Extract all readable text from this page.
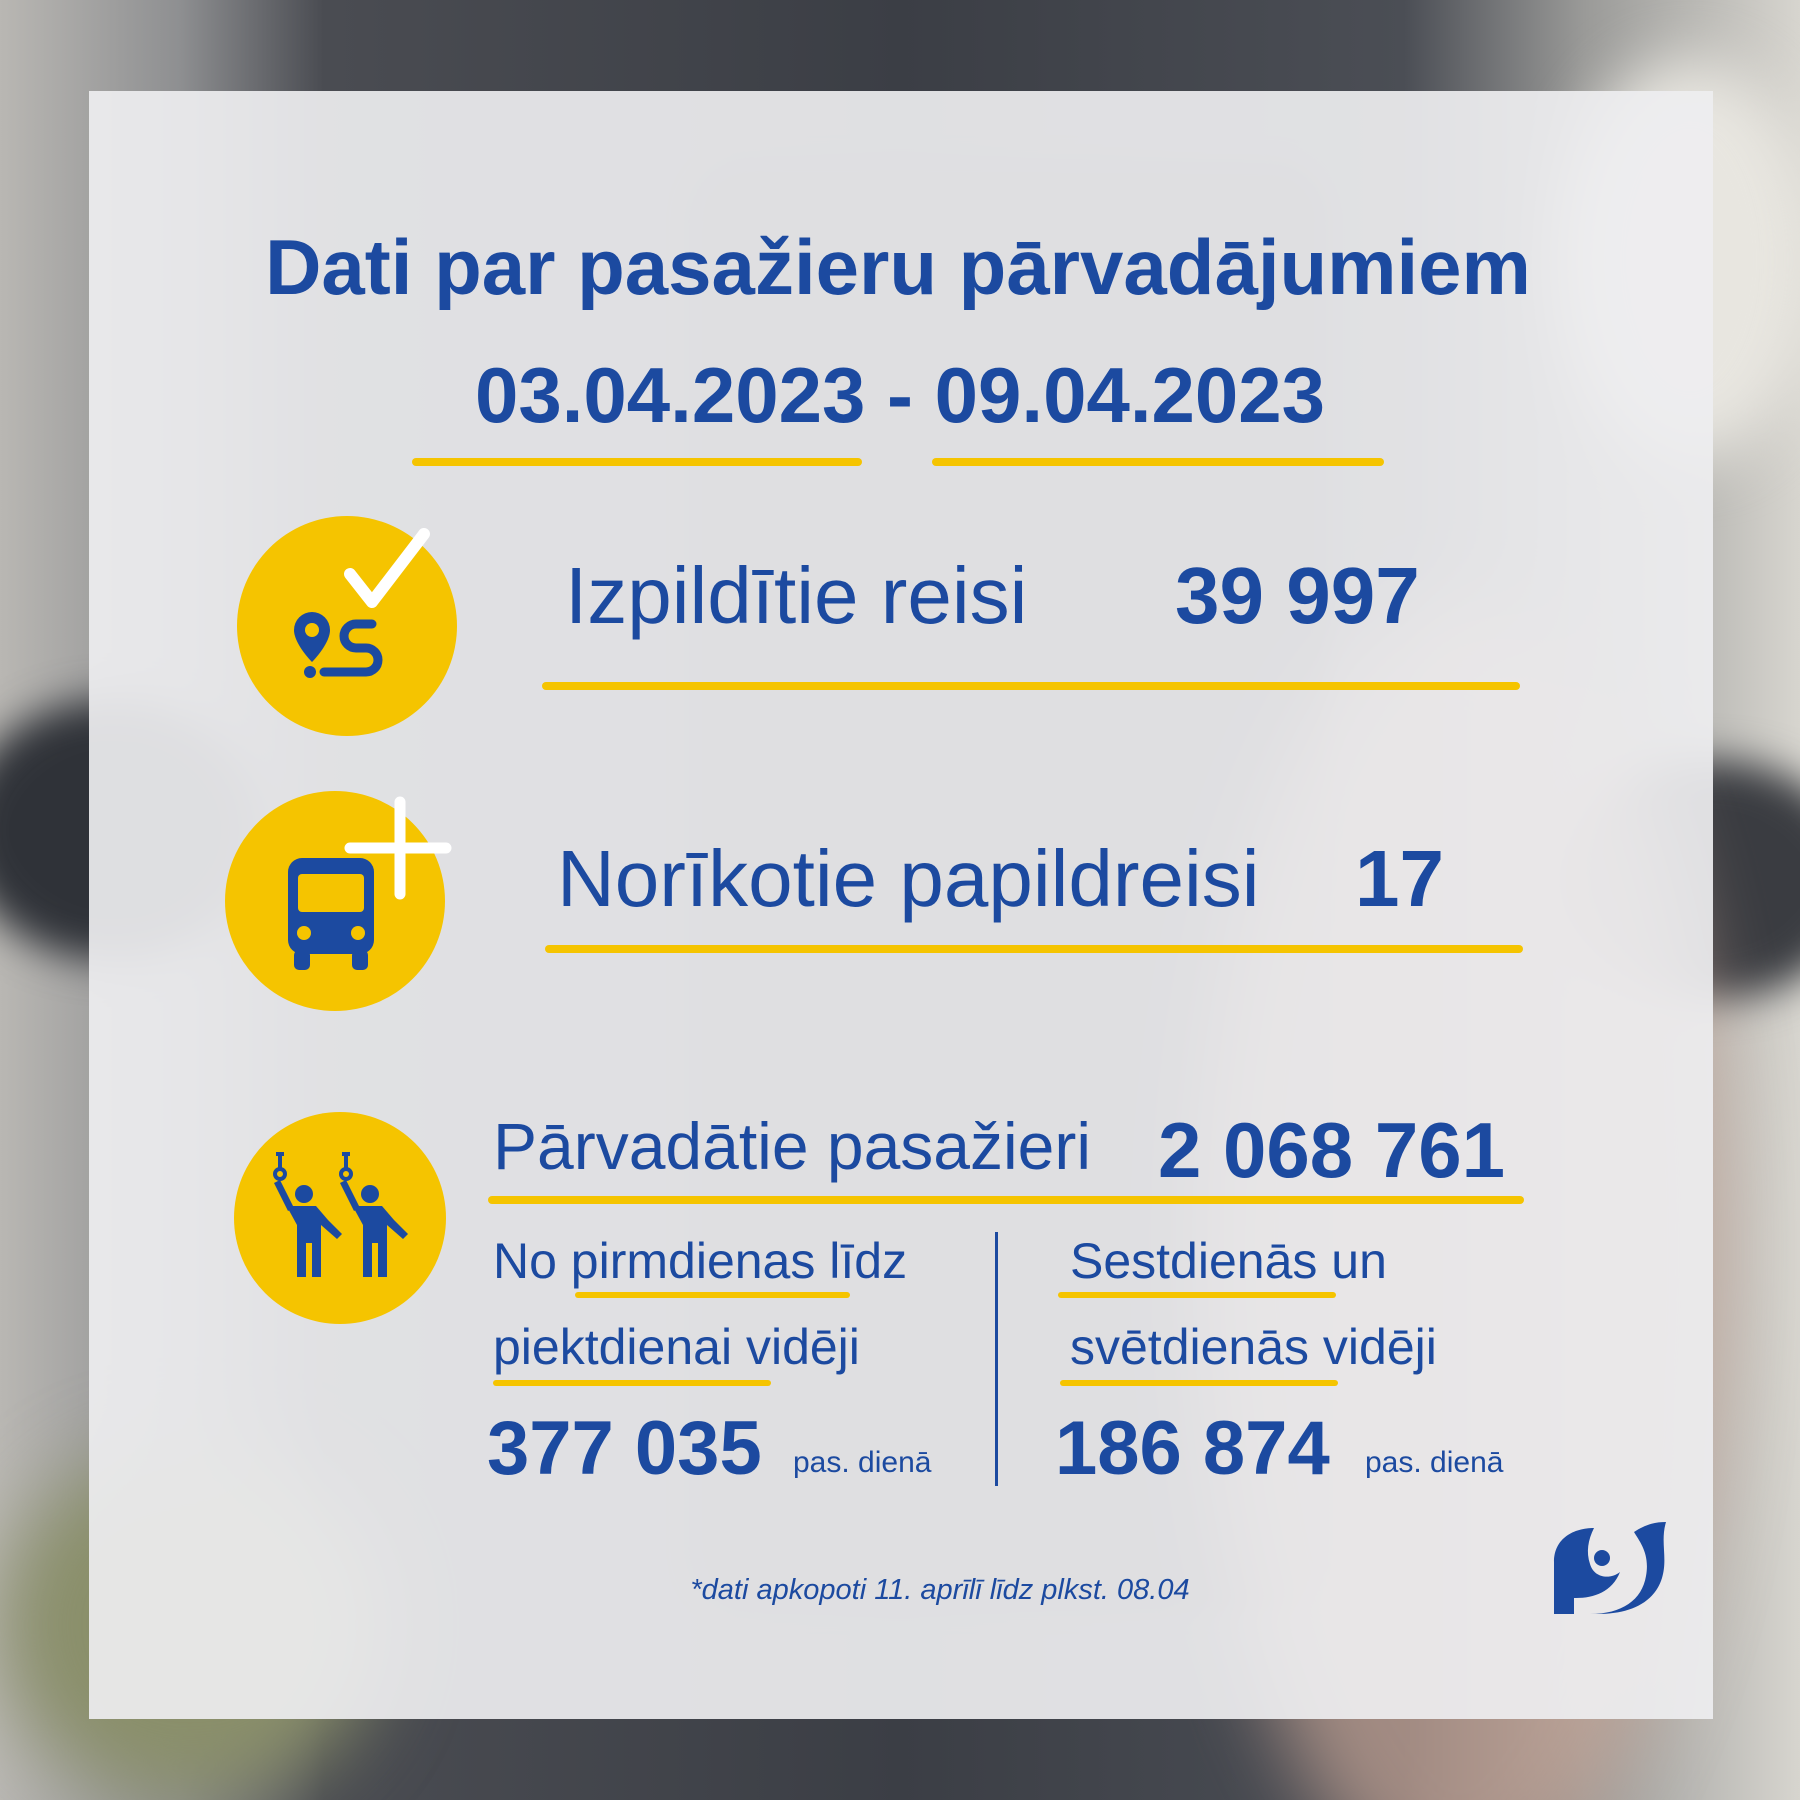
Dati par pasažieru pārvadājumiem
03.04.2023 - 09.04.2023
Izpildītie reisi 39 997
Norīkotie papildreisi 17
Pārvadātie pasažieri 2 068 761
No pirmdienas līdz
piektdienai vidēji
377 035 pas. dienā
Sestdienās un
svētdienās vidēji
186 874 pas. dienā
*dati apkopoti 11. aprīlī līdz plkst. 08.04
